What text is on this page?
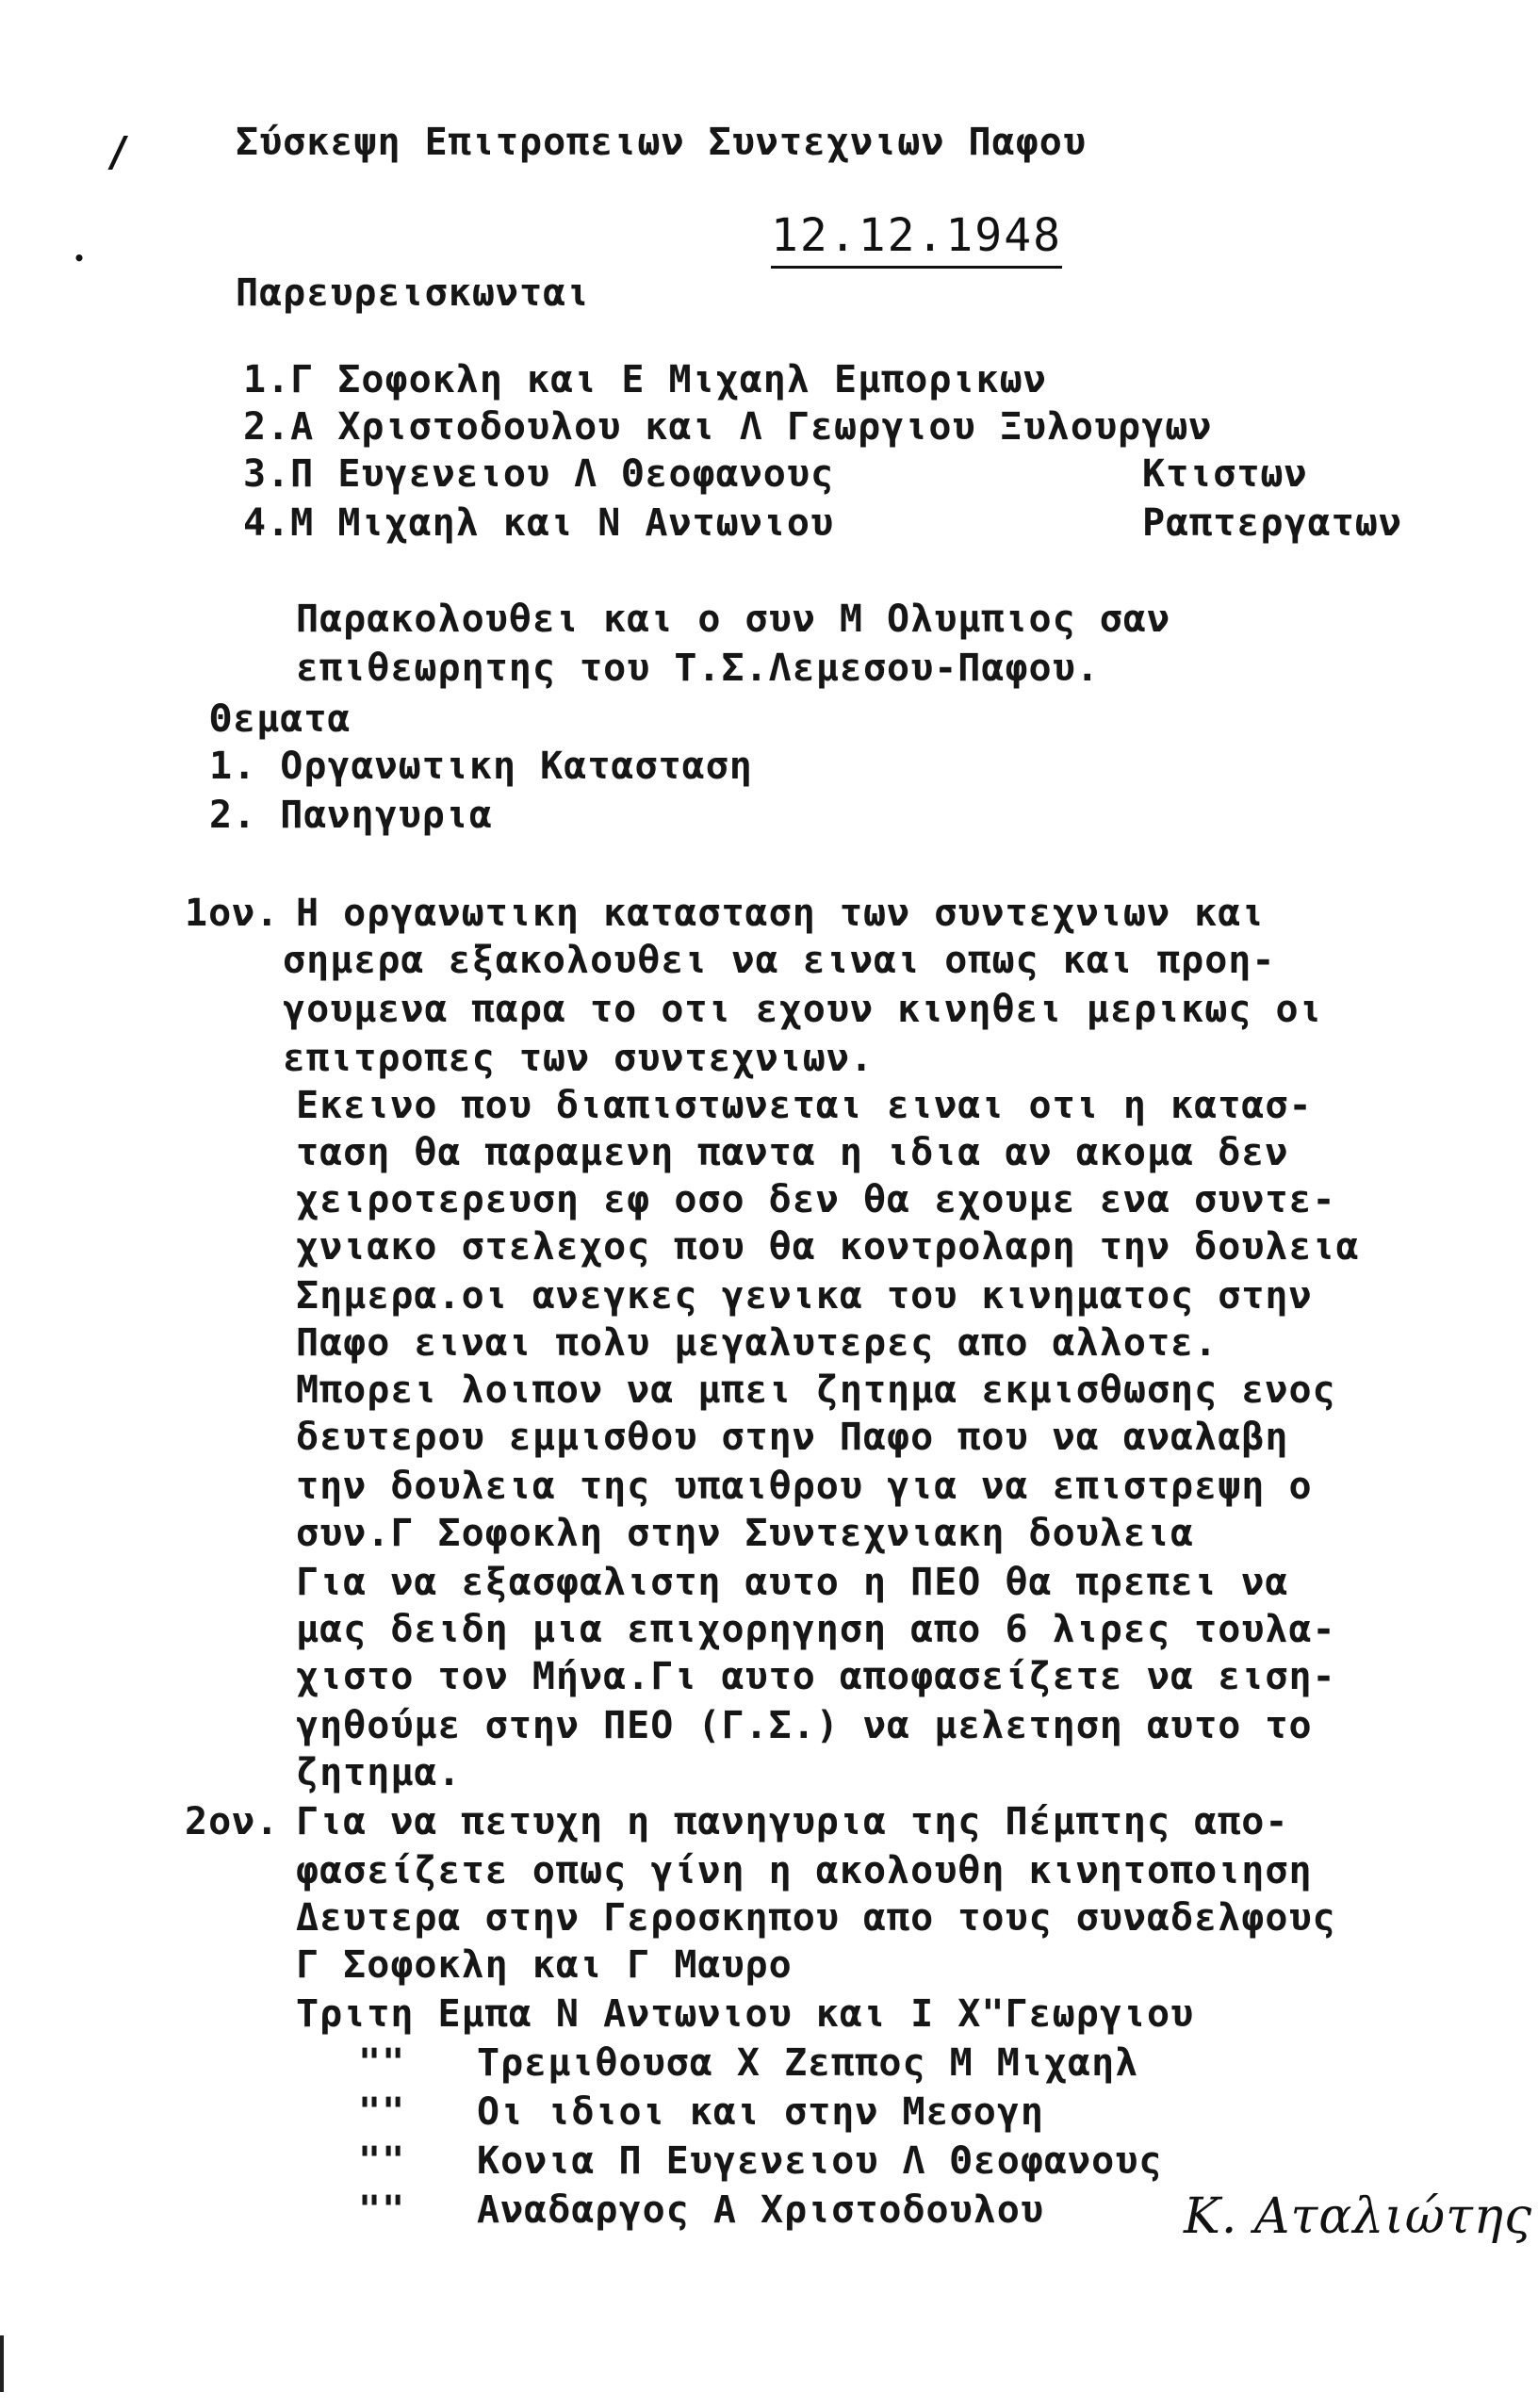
/
•
Σύσκεψη Επιτροπειων Συντεχνιων Παφου
12.12.1948
Παρευρεισκωνται
1.Γ Σοφοκλη και Ε Μιχαηλ Εμπορικων
2.Α Χριστοδουλου και Λ Γεωργιου Ξυλουργων
3.Π Ευγενειου Λ Θεοφανους	Κτιστων
4.Μ Μιχαηλ και Ν Αντωνιου	Ραπτεργατων
Παρακολουθει και ο συν Μ Ολυμπιος σαν
επιθεωρητης του Τ.Σ.Λεμεσου-Παφου.
Θεματα
1. Οργανωτικη Κατασταση
2. Πανηγυρια
1ον. Η οργανωτικη κατασταση των συντεχνιων και
σημερα εξακολουθει να ειναι οπως και προη-
γουμενα παρα το οτι εχουν κινηθει μερικως οι
επιτροπες των συντεχνιων.
Εκεινο που διαπιστωνεται ειναι οτι η κατασ-
ταση θα παραμενη παντα η ιδια αν ακομα δεν
χειροτερευση εφ οσο δεν θα εχουμε ενα συντε-
χνιακο στελεχος που θα κοντρολαρη την δουλεια
Σημερα.οι ανεγκες γενικα του κινηματος στην
Παφο ειναι πολυ μεγαλυτερες απο αλλοτε.
Μπορει λοιπον να μπει ζητημα εκμισθωσης ενος
δευτερου εμμισθου στην Παφο που να αναλαβη
την δουλεια της υπαιθρου για να επιστρεψη ο
συν.Γ Σοφοκλη στην Συντεχνιακη δουλεια
Για να εξασφαλιστη αυτο η ΠΕΟ θα πρεπει να
μας δειδη μια επιχορηγηση απο 6 λιρες τουλα-
χιστο τον Μήνα.Γι αυτο αποφασείζετε να ειση-
γηθούμε στην ΠΕΟ (Γ.Σ.) να μελετηση αυτο το
ζητημα.
2ον. Για να πετυχη η πανηγυρια της Πέμπτης απο-
φασείζετε οπως γίνη η ακολουθη κινητοποιηση
Δευτερα στην Γεροσκηπου απο τους συναδελφους
Γ Σοφοκλη και Γ Μαυρο
Τριτη Εμπα Ν Αντωνιου και Ι Χ"Γεωργιου
"" Τρεμιθουσα Χ Ζεππος Μ Μιχαηλ
"" Οι ιδιοι και στην Μεσογη
"" Κονια Π Ευγενειου Λ Θεοφανους
"" Αναδαργος Α Χριστοδουλου	Κ. Αταλιώτης
